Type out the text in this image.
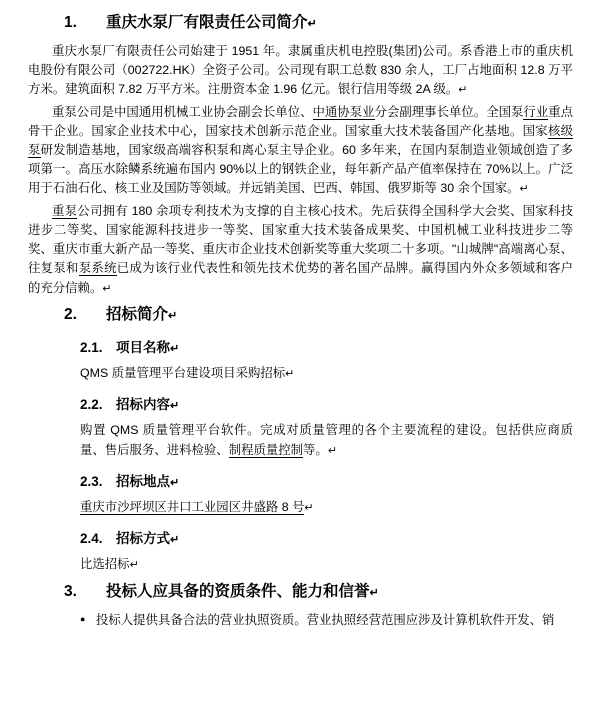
1.	重庆水泵厂有限责任公司简介 ↵

重庆水泵厂有限责任公司始建于 1951 年。隶属重庆机电控股(集团)公司。系香港上市的重庆机电股份有限公司（002722.HK）全资子公司。公司现有职工总数 830 余人，工厂占地面积 12.8 万平方米。建筑面积 7.82 万平方米。注册资本金 1.96 亿元。银行信用等级 2A 级。↵

重泵公司是中国通用机械工业协会副会长单位、中通协泵业分会副理事长单位。全国泵行业重点骨干企业。国家企业技术中心，国家技术创新示范企业。国家重大技术装备国产化基地。国家核级泵研发制造基地，国家级高端容积泵和离心泵主导企业。60 多年来，在国内泵制造业领域创造了多项第一。高压水除鳞系统遍布国内 90%以上的钢铁企业，每年新产品产值率保持在 70%以上。广泛用于石油石化、核工业及国防等领域。并远销美国、巴西、韩国、俄罗斯等 30 余个国家。↵

重泵公司拥有 180 余项专利技术为支撑的自主核心技术。先后获得全国科学大会奖、国家科技进步二等奖、国家能源科技进步一等奖、国家重大技术装备成果奖、中国机械工业科技进步二等奖、重庆市重大新产品一等奖、重庆市企业技术创新奖等重大奖项二十多项。"山城牌"高端离心泵、往复泵和泵系统已成为该行业代表性和领先技术优势的著名国产品牌。赢得国内外众多领域和客户的充分信赖。↵

2.	招标简介 ↵
2.1. 项目名称 ↵

QMS 质量管理平台建设项目采购招标↵

2.2. 招标内容 ↵

购置 QMS 质量管理平台软件。完成对质量管理的各个主要流程的建设。包括供应商质量、售后服务、进料检验、制程质量控制等。↵

2.3. 招标地点 ↵

重庆市沙坪坝区井口工业园区井盛路 8 号↵

2.4. 招标方式 ↵

比选招标↵

3.	投标人应具备的资质条件、能力和信誉 ↵
● 投标人提供具备合法的营业执照资质。营业执照经营范围应涉及计算机软件开发、销
